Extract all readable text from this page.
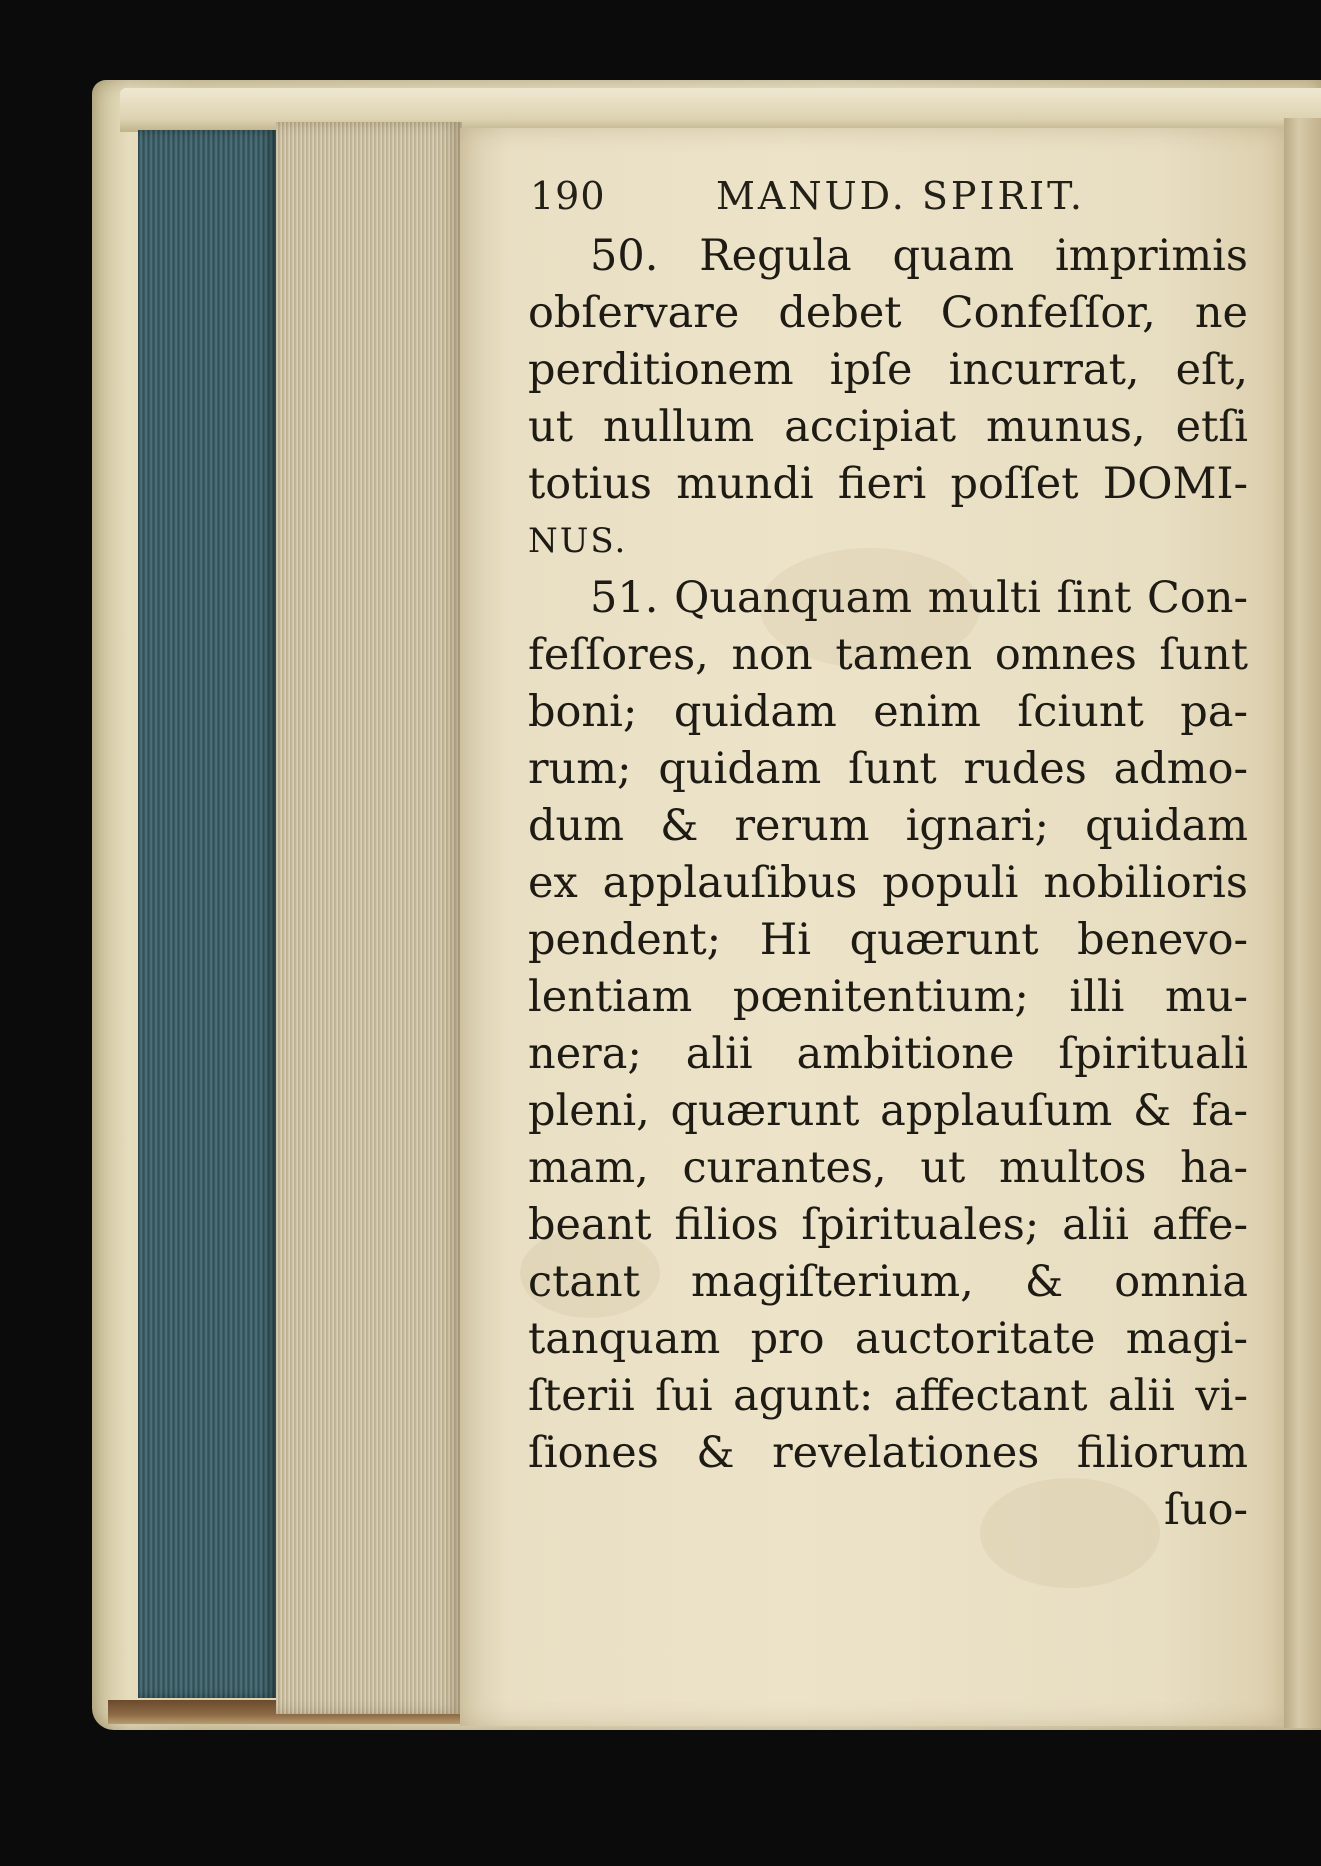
190	MANUD. SPIRIT.
50. Regula quam imprimis
obſervare debet Confeſſor, ne
perditionem ipſe incurrat, eſt,
ut nullum accipiat munus, etſi
totius mundi fieri poſſet DOMI-
NUS.
51. Quanquam multi ſint Con-
feſſores, non tamen omnes ſunt
boni; quidam enim ſciunt pa-
rum; quidam ſunt rudes admo-
dum & rerum ignari; quidam
ex applauſibus populi nobilioris
pendent; Hi quærunt benevo-
lentiam pœnitentium; illi mu-
nera; alii ambitione ſpirituali
pleni, quærunt applauſum & fa-
mam, curantes, ut multos ha-
beant filios ſpirituales; alii affe-
ctant magiſterium, & omnia
tanquam pro auctoritate magi-
ſterii ſui agunt: affectant alii vi-
ſiones & revelationes filiorum
ſuo-
